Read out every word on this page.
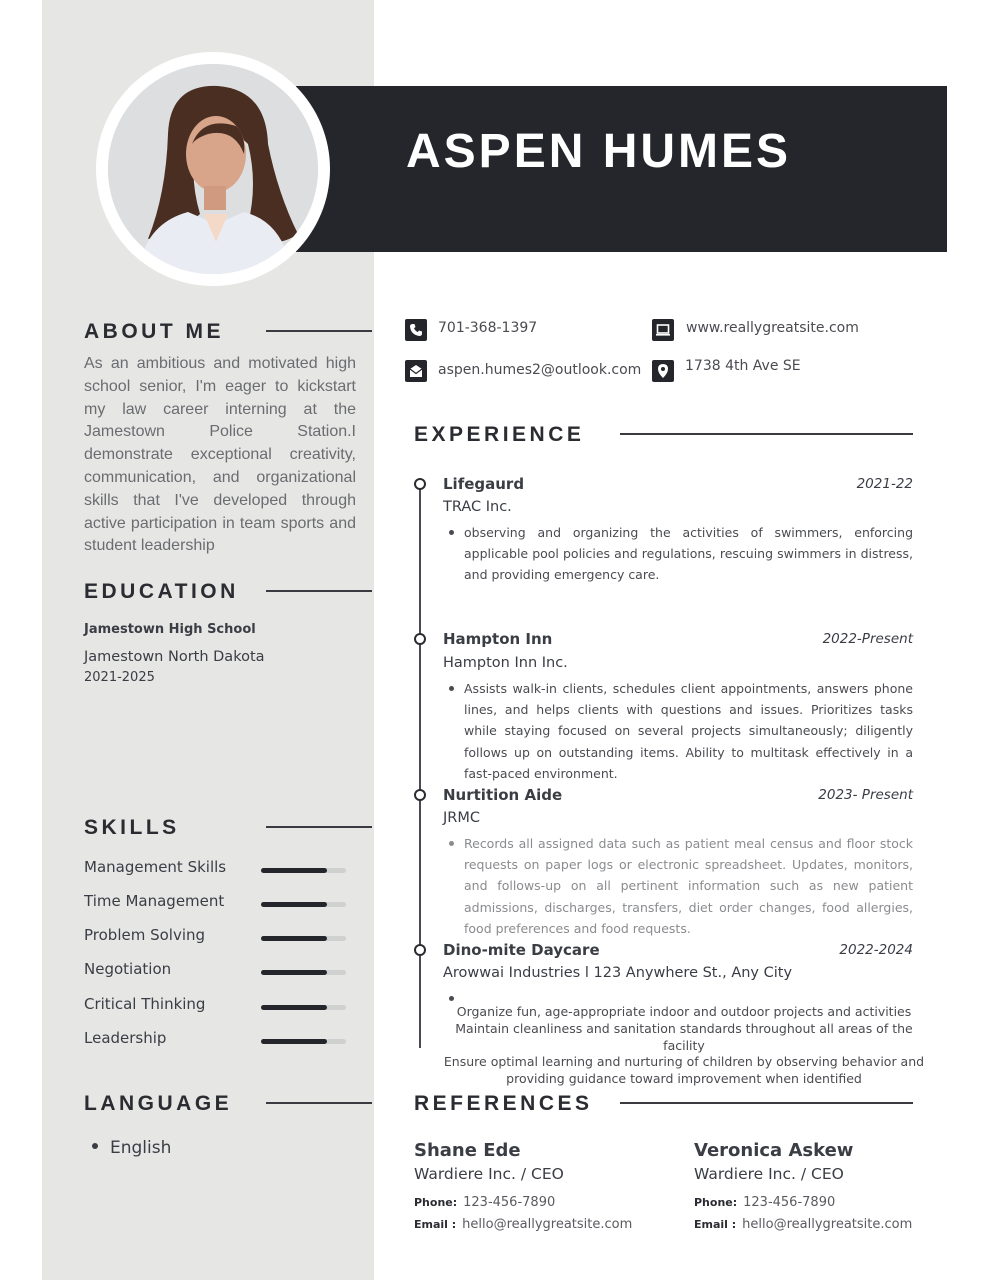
ASPEN HUMES
ABOUT ME

As an ambitious and motivated high school senior, I'm eager to kickstart my law career interning at the Jamestown Police Station.I demonstrate exceptional creativity, communication, and organizational skills that I've developed through active participation in team sports and student leadership

EDUCATION
Jamestown High School
Jamestown North Dakota
2021-2025
SKILLS
Management Skills
Time Management
Problem Solving
Negotiation
Critical Thinking
Leadership
LANGUAGE
English
701-368-1397	www.reallygreatsite.com
aspen.humes2@outlook.com	1738 4th Ave SE
EXPERIENCE
Lifegaurd	2021-22
TRAC Inc.

observing and organizing the activities of swimmers, enforcing applicable pool policies and regulations, rescuing swimmers in distress, and providing emergency care.

Hampton Inn	2022-Present
Hampton Inn Inc.

Assists walk-in clients, schedules client appointments, answers phone lines, and helps clients with questions and issues. Prioritizes tasks while staying focused on several projects simultaneously; diligently follows up on outstanding items. Ability to multitask effectively in a fast-paced environment.

Nurtition Aide	2023- Present
JRMC

Records all assigned data such as patient meal census and floor stock requests on paper logs or electronic spreadsheet. Updates, monitors, and follows-up on all pertinent information such as new patient admissions, discharges, transfers, diet order changes, food allergies, food preferences and food requests.

Dino-mite Daycare	2022-2024
Arowwai Industries l 123 Anywhere St., Any City
Organize fun, age-appropriate indoor and outdoor projects and activities
Maintain cleanliness and sanitation standards throughout all areas of the facility
Ensure optimal learning and nurturing of children by observing behavior and
providing guidance toward improvement when identified
REFERENCES
Shane Ede
Wardiere Inc. / CEO
Phone: 123-456-7890
Email : hello@reallygreatsite.com
Veronica Askew
Wardiere Inc. / CEO
Phone: 123-456-7890
Email : hello@reallygreatsite.com
